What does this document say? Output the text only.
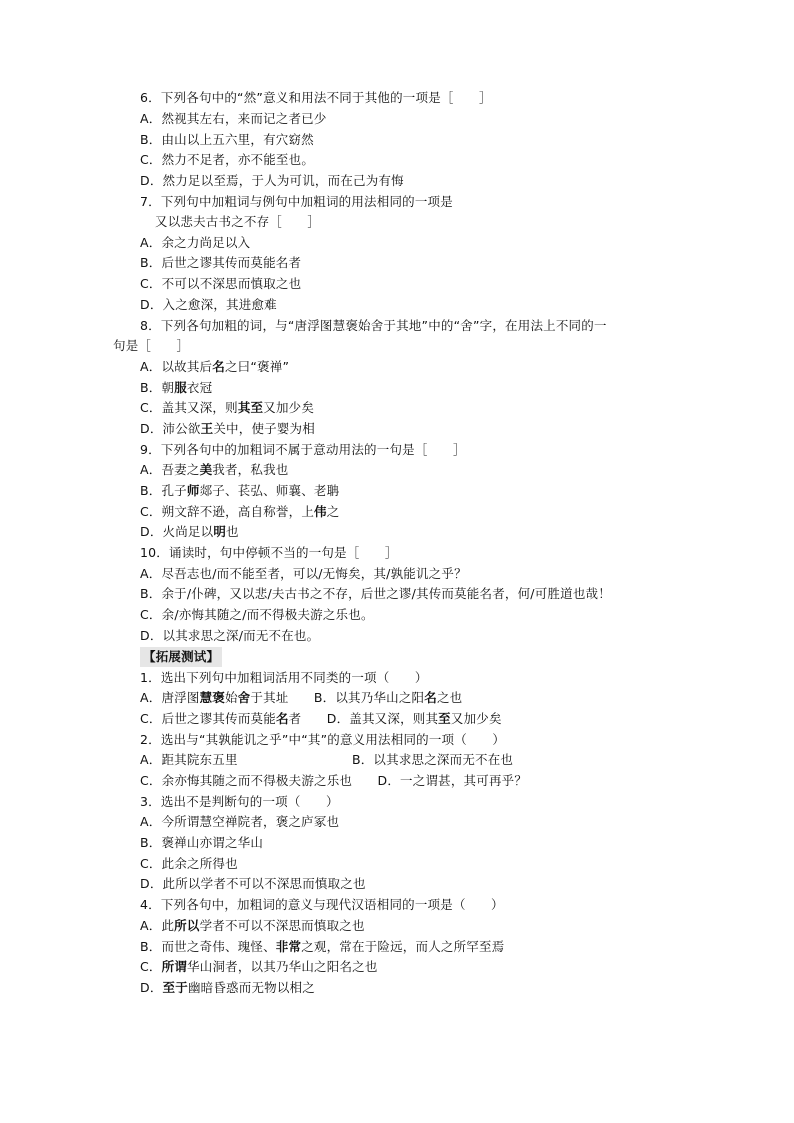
6．下列各句中的“然”意义和用法不同于其他的一项是［　　］
A．然视其左右，来而记之者已少
B．由山以上五六里，有穴窈然
C．然力不足者，亦不能至也。
D．然力足以至焉，于人为可讥，而在己为有悔
7．下列句中加粗词与例句中加粗词的用法相同的一项是
又以悲夫古书之不存［　　］
A．余之力尚足以入
B．后世之谬其传而莫能名者
C．不可以不深思而慎取之也
D．入之愈深，其进愈难
8．下列各句加粗的词，与“唐浮图慧褒始舍于其地”中的“舍”字，在用法上不同的一
句是［　　］
A．以故其后名之曰“褒禅”
B．朝服衣冠
C．盖其又深，则其至又加少矣
D．沛公欲王关中，使子婴为相
9．下列各句中的加粗词不属于意动用法的一句是［　　］
A．吾妻之美我者，私我也
B．孔子师郯子、苌弘、师襄、老聃
C．朔文辞不逊，高自称誉，上伟之
D．火尚足以明也
10．诵读时，句中停顿不当的一句是［　　］
A．尽吾志也/而不能至者，可以/无悔矣，其/孰能讥之乎？
B．余于/仆碑，又以悲/夫古书之不存，后世之谬/其传而莫能名者，何/可胜道也哉！
C．余/亦悔其随之/而不得极夫游之乐也。
D．以其求思之深/而无不在也。
【拓展测试】
1．选出下列句中加粗词活用不同类的一项（　　）
A．唐浮图慧褒始舍于其址　　B．以其乃华山之阳名之也
C．后世之谬其传而莫能名者　　D．盖其又深，则其至又加少矣
2．选出与“其孰能讥之乎”中“其”的意义用法相同的一项（　　）
A．距其院东五里　　　　　　　　　B．以其求思之深而无不在也
C．余亦悔其随之而不得极夫游之乐也　　D．一之谓甚，其可再乎？
3．选出不是判断句的一项（　　）
A．今所谓慧空禅院者，褒之庐冢也
B．褒禅山亦谓之华山
C．此余之所得也
D．此所以学者不可以不深思而慎取之也
4．下列各句中，加粗词的意义与现代汉语相同的一项是（　　）
A．此所以学者不可以不深思而慎取之也
B．而世之奇伟、瑰怪、非常之观，常在于险远，而人之所罕至焉
C．所谓华山洞者，以其乃华山之阳名之也
D．至于幽暗昏惑而无物以相之
